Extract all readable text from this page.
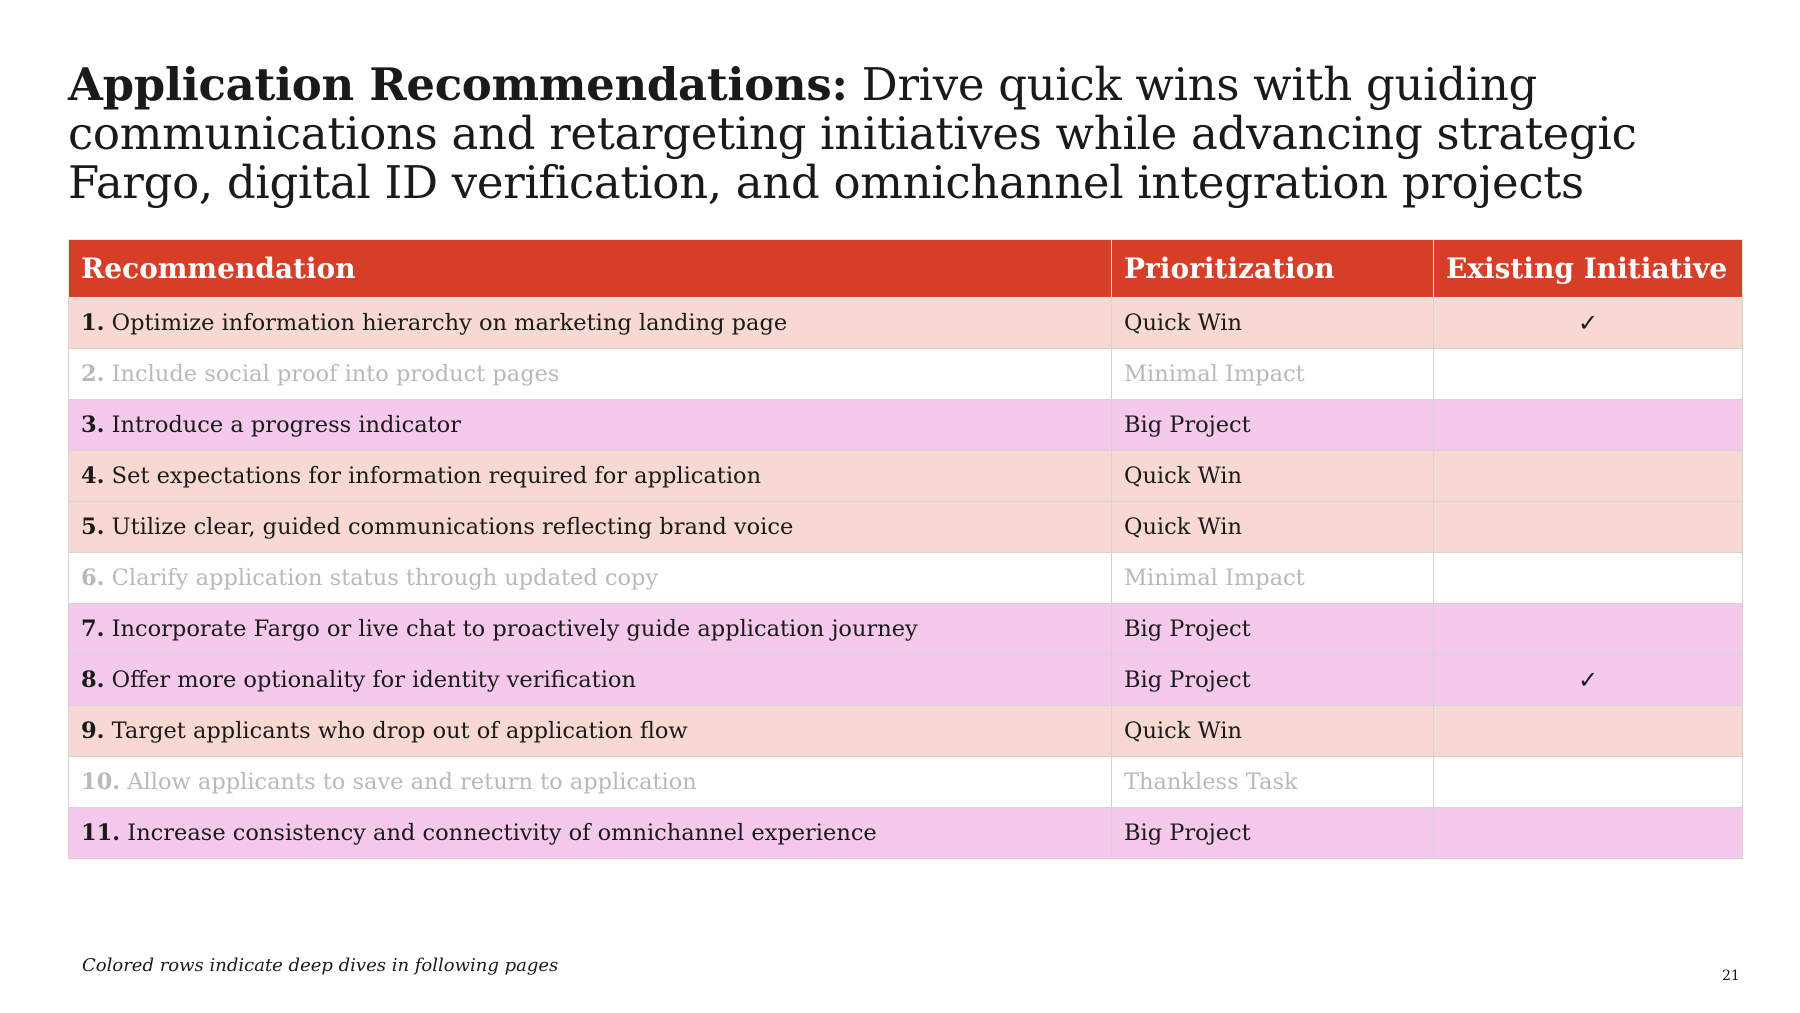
Application Recommendations: Drive quick wins with guiding communications and retargeting initiatives while advancing strategic Fargo, digital ID verification, and omnichannel integration projects
Recommendation	Prioritization	Existing Initiative
1. Optimize information hierarchy on marketing landing page	Quick Win	✓
2. Include social proof into product pages	Minimal Impact	
3. Introduce a progress indicator	Big Project	
4. Set expectations for information required for application	Quick Win	
5. Utilize clear, guided communications reflecting brand voice	Quick Win	
6. Clarify application status through updated copy	Minimal Impact	
7. Incorporate Fargo or live chat to proactively guide application journey	Big Project	
8. Offer more optionality for identity verification	Big Project	✓
9. Target applicants who drop out of application flow	Quick Win	
10. Allow applicants to save and return to application	Thankless Task	
11. Increase consistency and connectivity of omnichannel experience	Big Project	
Colored rows indicate deep dives in following pages	21
